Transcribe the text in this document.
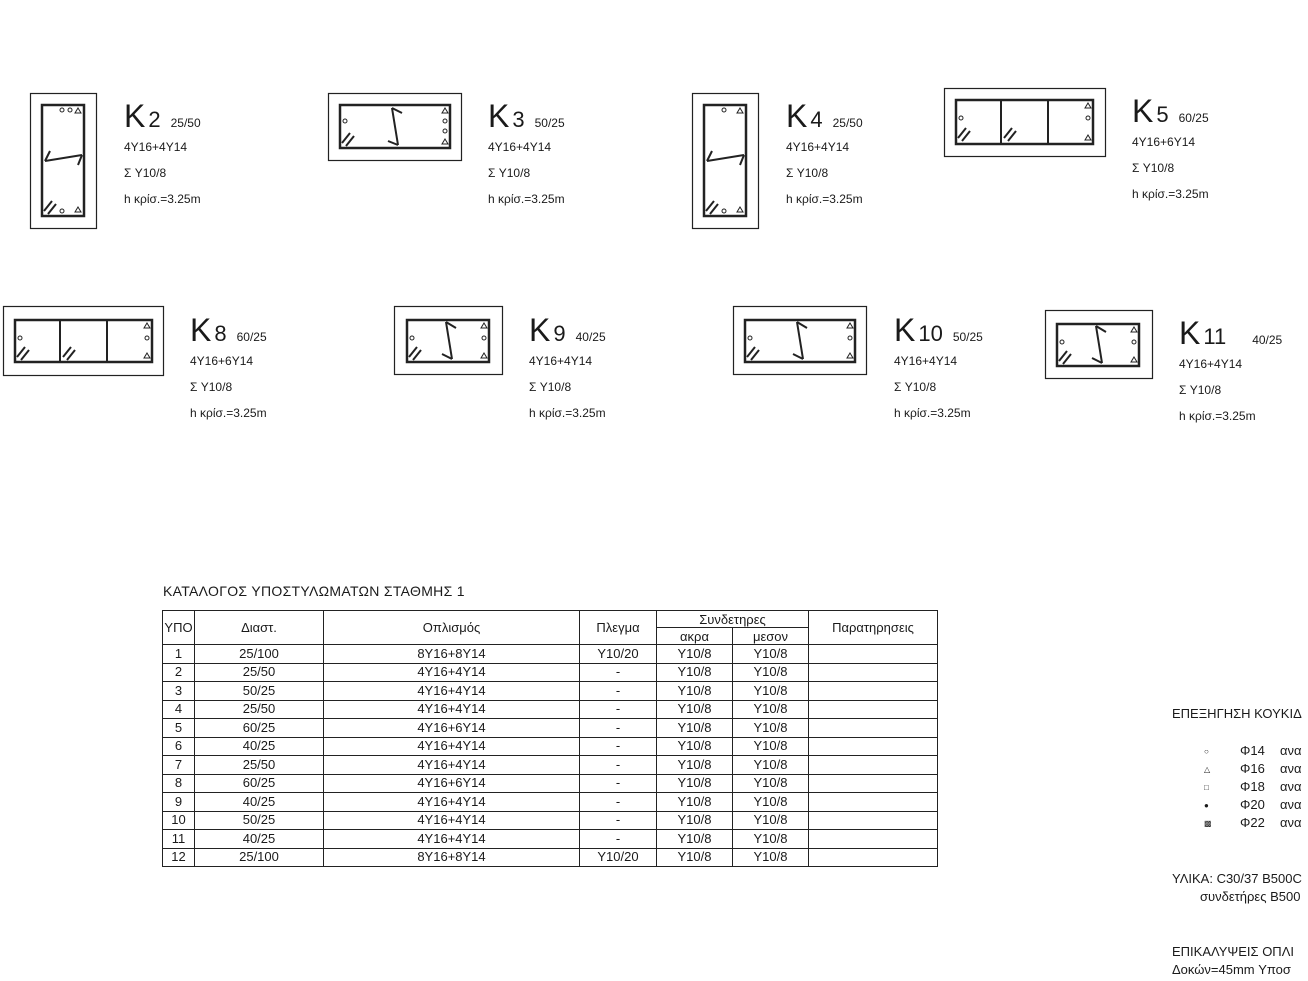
K 2 25/50
4Y16+4Y14
Σ Y10/8
h κρίσ.=3.25m
K 3 50/25
4Y16+4Y14
Σ Y10/8
h κρίσ.=3.25m
K 4 25/50
4Y16+4Y14
Σ Y10/8
h κρίσ.=3.25m
K 5 60/25
4Y16+6Y14
Σ Y10/8
h κρίσ.=3.25m
K 8 60/25
4Y16+6Y14
Σ Y10/8
h κρίσ.=3.25m
K 9 40/25
4Y16+4Y14
Σ Y10/8
h κρίσ.=3.25m
K 10 50/25
4Y16+4Y14
Σ Y10/8
h κρίσ.=3.25m
K 11 40/25
4Y16+4Y14
Σ Y10/8
h κρίσ.=3.25m
ΚΑΤΑΛΟΓΟΣ ΥΠΟΣΤΥΛΩΜΑΤΩΝ ΣΤΑΘΜΗΣ 1
ΥΠΟ	Διαστ.	Οπλισμός	Πλεγμα	Συνδετηρες		Παρατηρησεις
				ακρα	μεσον	
1	25/100	8Y16+8Y14	Y10/20	Y10/8	Y10/8	
2	25/50	4Y16+4Y14	-	Y10/8	Y10/8	
3	50/25	4Y16+4Y14	-	Y10/8	Y10/8	
4	25/50	4Y16+4Y14	-	Y10/8	Y10/8	
5	60/25	4Y16+6Y14	-	Y10/8	Y10/8	
6	40/25	4Y16+4Y14	-	Y10/8	Y10/8	
7	25/50	4Y16+4Y14	-	Y10/8	Y10/8	
8	60/25	4Y16+6Y14	-	Y10/8	Y10/8	
9	40/25	4Y16+4Y14	-	Y10/8	Y10/8	
10	50/25	4Y16+4Y14	-	Y10/8	Y10/8	
11	40/25	4Y16+4Y14	-	Y10/8	Y10/8	
12	25/100	8Y16+8Y14	Y10/20	Y10/8	Y10/8	
ΕΠΕΞΗΓΗΣΗ ΚΟΥΚΙΔ
○ Φ14 ανα
△ Φ16 ανα
□ Φ18 ανα
● Φ20 ανα
▩ Φ22 ανα
ΥΛΙΚΑ: C30/37 B500C
συνδετήρες B500
ΕΠΙΚΑΛΥΨΕΙΣ ΟΠΛΙ
Δοκών=45mm Υποσ
